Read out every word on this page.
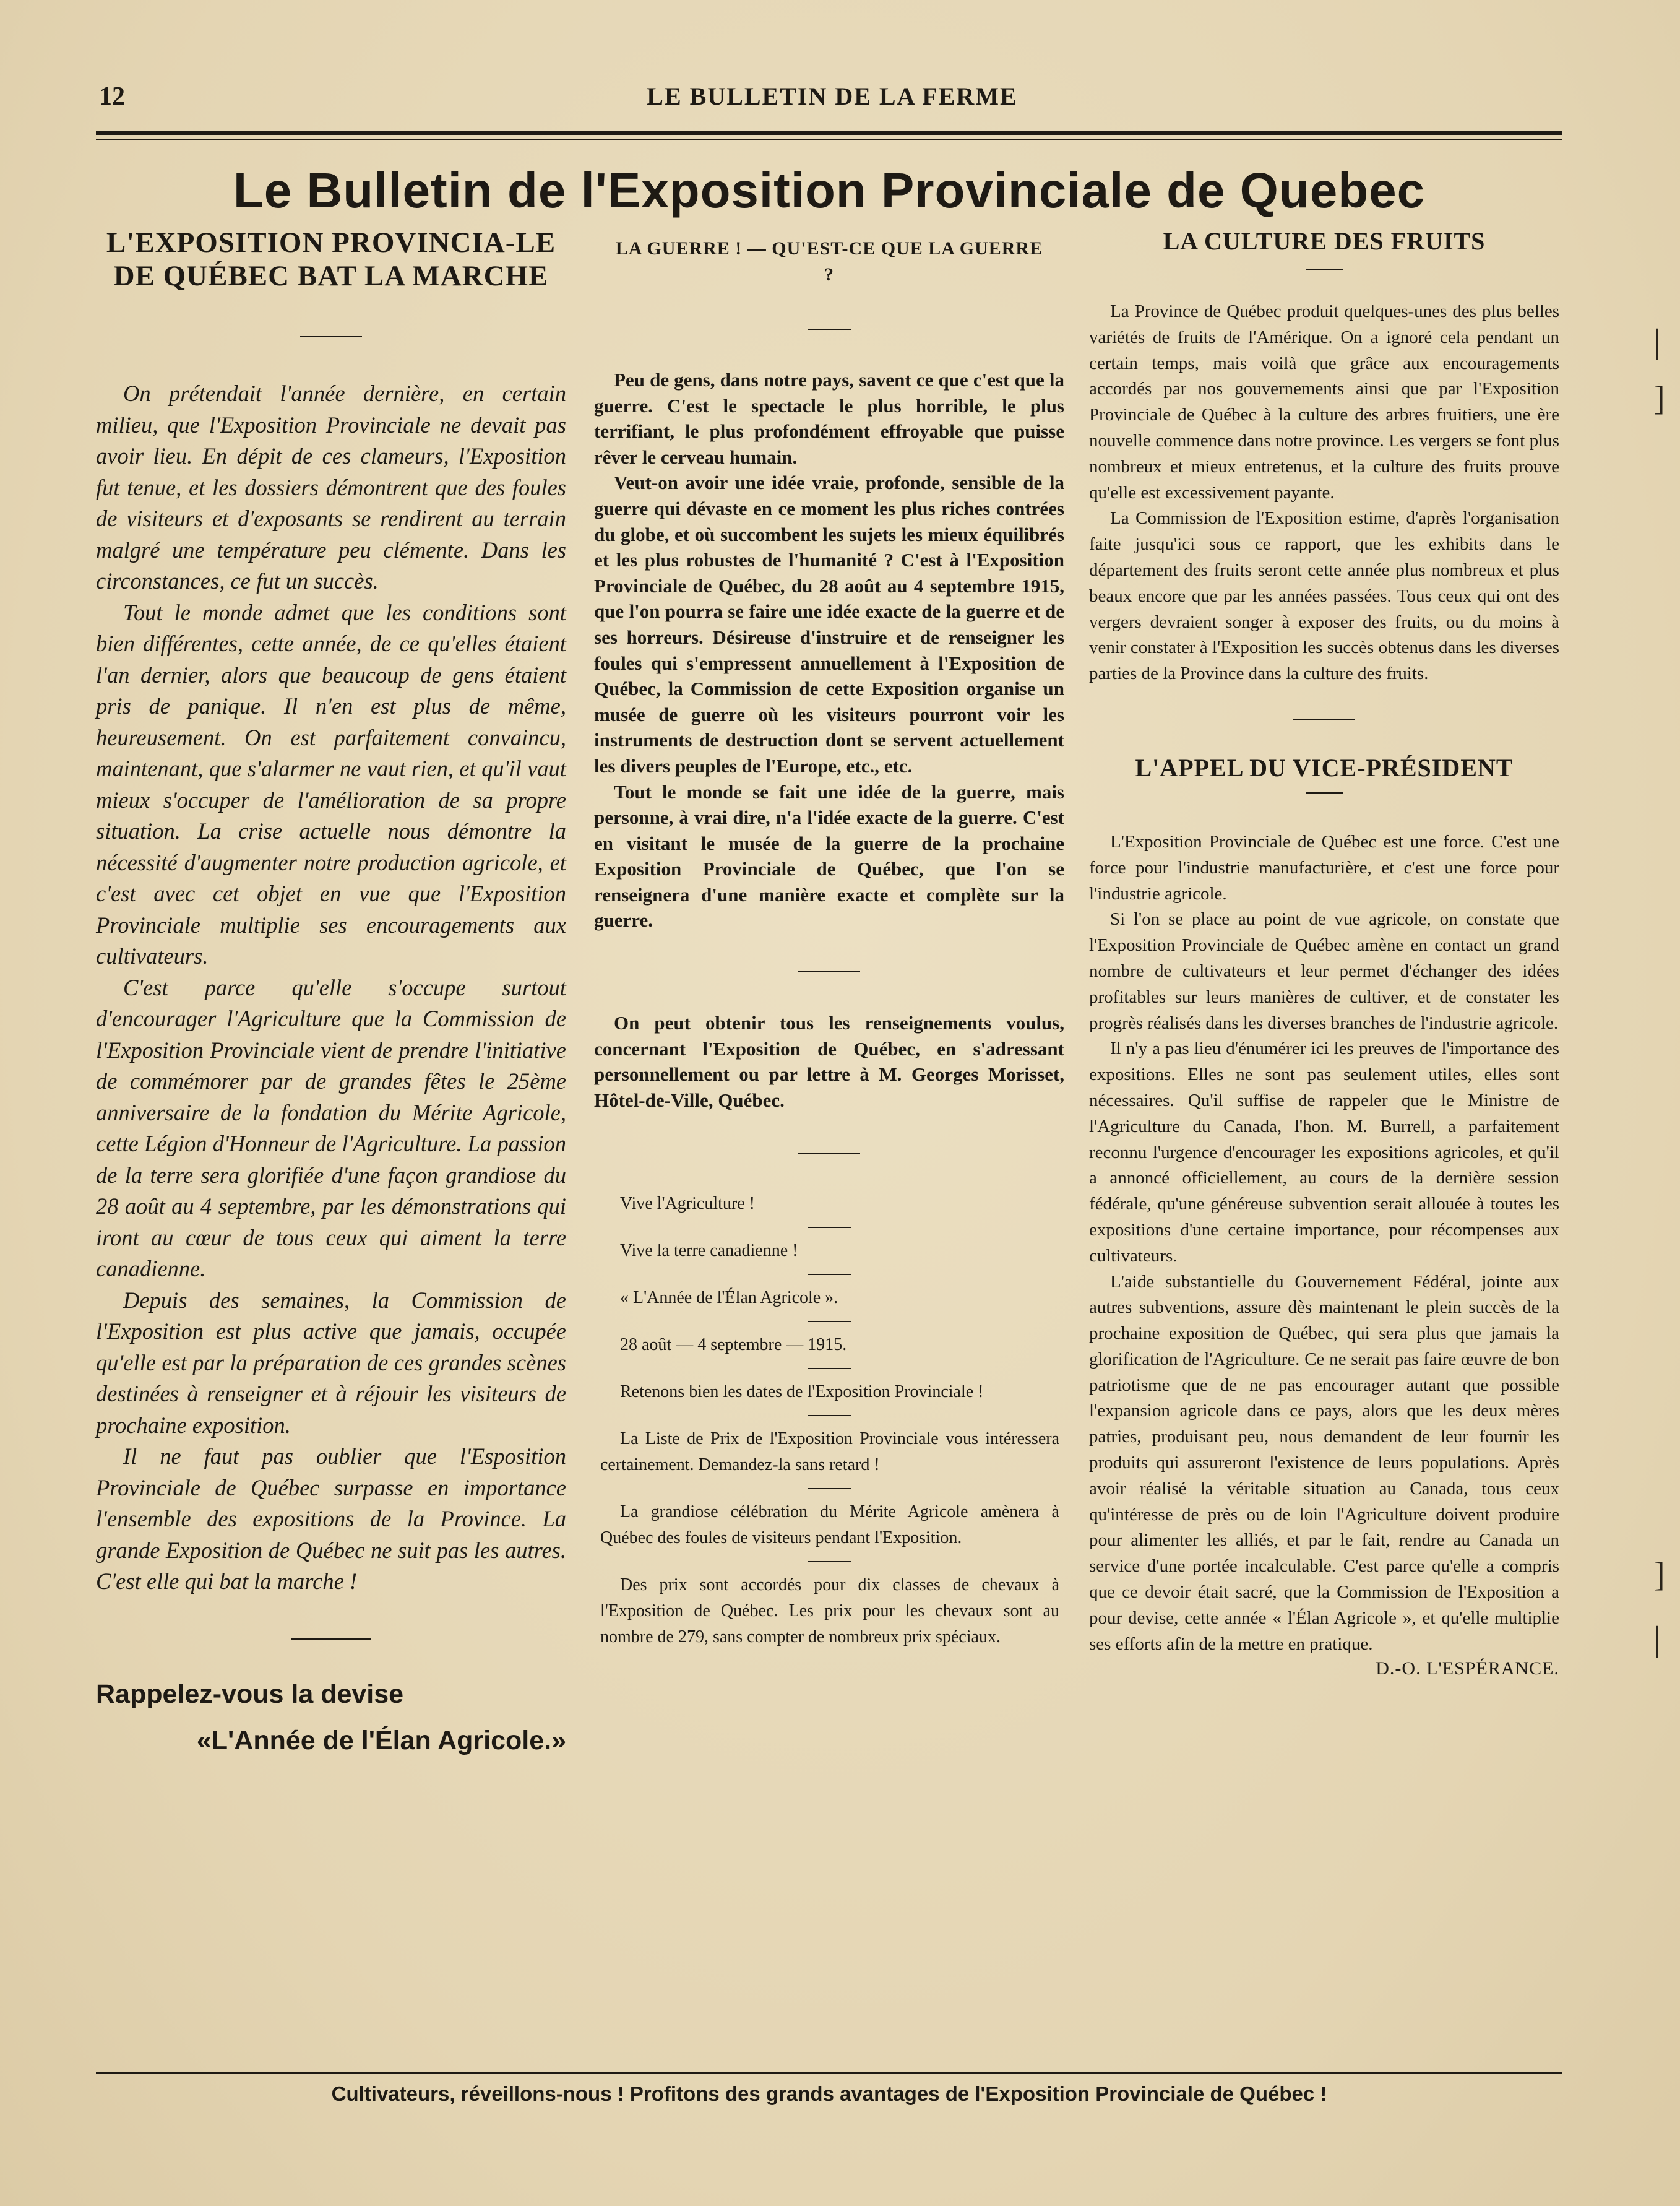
12	LE BULLETIN DE LA FERME
Le Bulletin de l'Exposition Provinciale de Quebec
L'EXPOSITION PROVINCIA-LE DE QUÉBEC BAT LA MARCHE

On prétendait l'année dernière, en certain milieu, que l'Exposition Provinciale ne devait pas avoir lieu. En dépit de ces clameurs, l'Exposition fut tenue, et les dossiers démontrent que des foules de visiteurs et d'exposants se rendirent au terrain malgré une température peu clémente. Dans les circonstances, ce fut un succès.

Tout le monde admet que les conditions sont bien différentes, cette année, de ce qu'elles étaient l'an dernier, alors que beaucoup de gens étaient pris de panique. Il n'en est plus de même, heureusement. On est parfaitement convaincu, maintenant, que s'alarmer ne vaut rien, et qu'il vaut mieux s'occuper de l'amélioration de sa propre situation. La crise actuelle nous démontre la nécessité d'augmenter notre production agricole, et c'est avec cet objet en vue que l'Exposition Provinciale multiplie ses encouragements aux cultivateurs.

C'est parce qu'elle s'occupe surtout d'encourager l'Agriculture que la Commission de l'Exposition Provinciale vient de prendre l'initiative de commémorer par de grandes fêtes le 25ème anniversaire de la fondation du Mérite Agricole, cette Légion d'Honneur de l'Agriculture. La passion de la terre sera glorifiée d'une façon grandiose du 28 août au 4 septembre, par les démonstrations qui iront au cœur de tous ceux qui aiment la terre canadienne.

Depuis des semaines, la Commission de l'Exposition est plus active que jamais, occupée qu'elle est par la préparation de ces grandes scènes destinées à renseigner et à réjouir les visiteurs de prochaine exposition.

Il ne faut pas oublier que l'Esposition Provinciale de Québec surpasse en importance l'ensemble des expositions de la Province. La grande Exposition de Québec ne suit pas les autres. C'est elle qui bat la marche !

Rappelez-vous la devise
«L'Année de l'Élan Agricole.»
LA GUERRE ! — QU'EST-CE QUE LA GUERRE ?

Peu de gens, dans notre pays, savent ce que c'est que la guerre. C'est le spectacle le plus horrible, le plus terrifiant, le plus profondément effroyable que puisse rêver le cerveau humain.

Veut-on avoir une idée vraie, profonde, sensible de la guerre qui dévaste en ce moment les plus riches contrées du globe, et où succombent les sujets les mieux équilibrés et les plus robustes de l'humanité ? C'est à l'Exposition Provinciale de Québec, du 28 août au 4 septembre 1915, que l'on pourra se faire une idée exacte de la guerre et de ses horreurs. Désireuse d'instruire et de renseigner les foules qui s'empressent annuellement à l'Exposition de Québec, la Commission de cette Exposition organise un musée de guerre où les visiteurs pourront voir les instruments de destruction dont se servent actuellement les divers peuples de l'Europe, etc., etc.

Tout le monde se fait une idée de la guerre, mais personne, à vrai dire, n'a l'idée exacte de la guerre. C'est en visitant le musée de la guerre de la prochaine Exposition Provinciale de Québec, que l'on se renseignera d'une manière exacte et complète sur la guerre.

On peut obtenir tous les renseignements voulus, concernant l'Exposition de Québec, en s'adressant personnellement ou par lettre à M. Georges Morisset, Hôtel-de-Ville, Québec.

Vive l'Agriculture !

Vive la terre canadienne !

« L'Année de l'Élan Agricole ».

28 août — 4 septembre — 1915.

Retenons bien les dates de l'Exposition Provinciale !

La Liste de Prix de l'Exposition Provinciale vous intéressera certainement. Demandez-la sans retard !

La grandiose célébration du Mérite Agricole amènera à Québec des foules de visiteurs pendant l'Exposition.

Des prix sont accordés pour dix classes de chevaux à l'Exposition de Québec. Les prix pour les chevaux sont au nombre de 279, sans compter de nombreux prix spéciaux.

LA CULTURE DES FRUITS

La Province de Québec produit quelques-unes des plus belles variétés de fruits de l'Amérique. On a ignoré cela pendant un certain temps, mais voilà que grâce aux encouragements accordés par nos gouvernements ainsi que par l'Exposition Provinciale de Québec à la culture des arbres fruitiers, une ère nouvelle commence dans notre province. Les vergers se font plus nombreux et mieux entretenus, et la culture des fruits prouve qu'elle est excessivement payante.

La Commission de l'Exposition estime, d'après l'organisation faite jusqu'ici sous ce rapport, que les exhibits dans le département des fruits seront cette année plus nombreux et plus beaux encore que par les années passées. Tous ceux qui ont des vergers devraient songer à exposer des fruits, ou du moins à venir constater à l'Exposition les succès obtenus dans les diverses parties de la Province dans la culture des fruits.

L'APPEL DU VICE-PRÉSIDENT

L'Exposition Provinciale de Québec est une force. C'est une force pour l'industrie manufacturière, et c'est une force pour l'industrie agricole.

Si l'on se place au point de vue agricole, on constate que l'Exposition Provinciale de Québec amène en contact un grand nombre de cultivateurs et leur permet d'échanger des idées profitables sur leurs manières de cultiver, et de constater les progrès réalisés dans les diverses branches de l'industrie agricole.

Il n'y a pas lieu d'énumérer ici les preuves de l'importance des expositions. Elles ne sont pas seulement utiles, elles sont nécessaires. Qu'il suffise de rappeler que le Ministre de l'Agriculture du Canada, l'hon. M. Burrell, a parfaitement reconnu l'urgence d'encourager les expositions agricoles, et qu'il a annoncé officiellement, au cours de la dernière session fédérale, qu'une généreuse subvention serait allouée à toutes les expositions d'une certaine importance, pour récompenses aux cultivateurs.

L'aide substantielle du Gouvernement Fédéral, jointe aux autres subventions, assure dès maintenant le plein succès de la prochaine exposition de Québec, qui sera plus que jamais la glorification de l'Agriculture. Ce ne serait pas faire œuvre de bon patriotisme que de ne pas encourager autant que possible l'expansion agricole dans ce pays, alors que les deux mères patries, produisant peu, nous demandent de leur fournir les produits qui assureront l'existence de leurs populations. Après avoir réalisé la véritable situation au Canada, tous ceux qu'intéresse de près ou de loin l'Agriculture doivent produire pour alimenter les alliés, et par le fait, rendre au Canada un service d'une portée incalculable. C'est parce qu'elle a compris que ce devoir était sacré, que la Commission de l'Exposition a pour devise, cette année « l'Élan Agricole », et qu'elle multiplie ses efforts afin de la mettre en pratique.

D.-O. L'ESPÉRANCE.
Cultivateurs, réveillons-nous ! Profitons des grands avantages de l'Exposition Provinciale de Québec !
|
]
]
|
